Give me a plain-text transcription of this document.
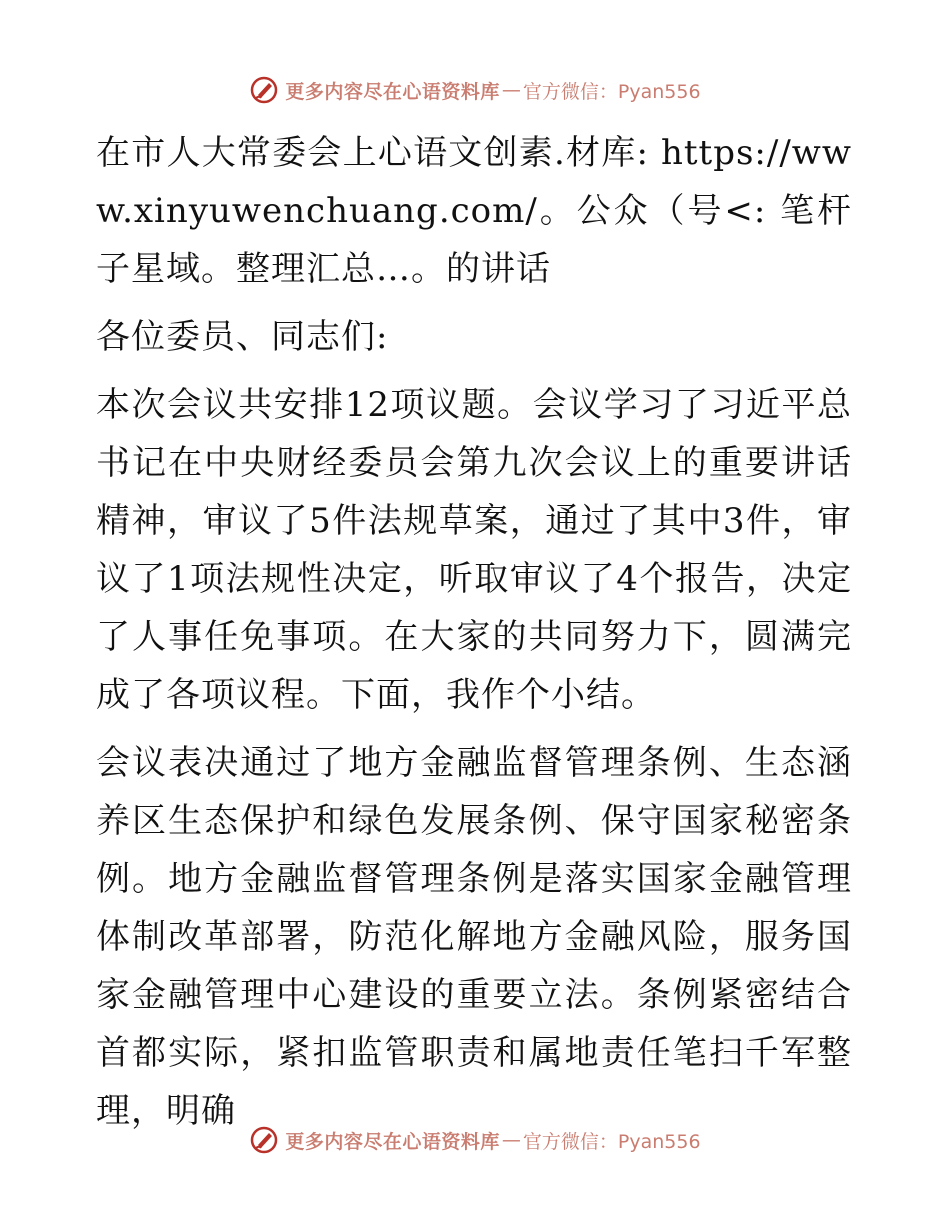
更多内容尽在心语资料库 — 官方微信：Pyan556

在市人大常委会上心语文创素.材库: https://www.xinyuwenchuang.com/。公众（号<: 笔杆子星域。整理汇总…。的讲话

各位委员、同志们:

本次会议共安排12项议题。会议学习了习近平总书记在中央财经委员会第九次会议上的重要讲话精神，审议了5件法规草案，通过了其中3件，审议了1项法规性决定，听取审议了4个报告，决定了人事任免事项。在大家的共同努力下，圆满完成了各项议程。下面，我作个小结。

会议表决通过了地方金融监督管理条例、生态涵养区生态保护和绿色发展条例、保守国家秘密条例。地方金融监督管理条例是落实国家金融管理体制改革部署，防范化解地方金融风险，服务国家金融管理中心建设的重要立法。条例紧密结合首都实际，紧扣监管职责和属地责任笔扫千军整理，明确

更多内容尽在心语资料库 — 官方微信：Pyan556
